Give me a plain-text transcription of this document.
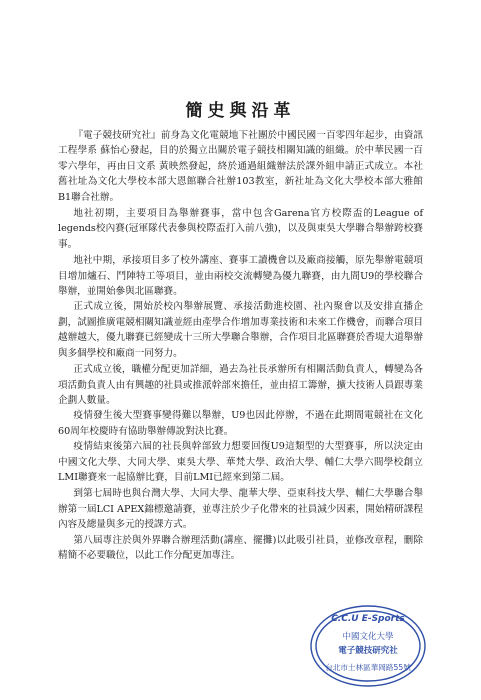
簡史與沿革

『電子競技研究社』前身為文化電競地下社團於中國民國一百零四年起步，由資訊工程學系 蘇怡心發起，目的於獨立出關於電子競技相關知識的組織。於中華民國一百零六學年，再由日文系 黃映然發起，終於通過組織辦法於課外組申請正式成立。本社舊社址為文化大學校本部大恩館聯合社辦103教室，新社址為文化大學校本部大雅館B1聯合社辦。

地社初期，主要項目為舉辦賽事，當中包含Garena官方校際盃的League of legends校內賽(冠軍隊代表參與校際盃打入前八強)，以及與東吳大學聯合舉辦跨校賽事。

地社中期，承接項目多了校外講座、賽事工讀機會以及廠商接觸，原先舉辦電競項目增加爐石、鬥陣特工等項目，並由兩校交流轉變為優九聯賽，由九間U9的學校聯合舉辦，並開始參與北區聯賽。

正式成立後，開始於校內舉辦展覽、承接活動進校園、社內聚會以及安排直播企劃，試圖推廣電競相關知識並經由產學合作增加專業技術和未來工作機會，而聯合項目越辦越大，優九聯賽已經變成十三所大學聯合舉辦，合作項目北區聯賽於香堤大道舉辦與多個學校和廠商一同努力。

正式成立後，職權分配更加詳細，過去為社長承辦所有相關活動負責人，轉變為各項活動負責人由有興趣的社員或推派幹部來擔任，並由招工籌辦，擴大技術人員跟專業企劃人數量。

疫情發生後大型賽事變得難以舉辦，U9也因此停辦，不過在此期間電競社在文化60周年校慶時有協助舉辦傳說對決比賽。

疫情結束後第六屆的社長與幹部致力想要回復U9這類型的大型賽事，所以決定由中國文化大學、大同大學、東吳大學、華梵大學、政治大學、輔仁大學六間學校創立LMI聯賽來一起協辦比賽，目前LMI已經來到第二屆。

到第七屆時也與台灣大學、大同大學、龍華大學、亞東科技大學、輔仁大學聯合舉辦第一屆LCI APEX錦標邀請賽，並專注於少子化帶來的社員減少因素，開始精研課程內容及總量與多元的授課方式。

第八屆專注於與外界聯合辦理活動(講座、擺攤)以此吸引社員，並修改章程，刪除精簡不必要職位，以此工作分配更加專注。

C.C.U E-Sports
中國文化大學
電子競技研究社
台北市士林區華岡路55號
